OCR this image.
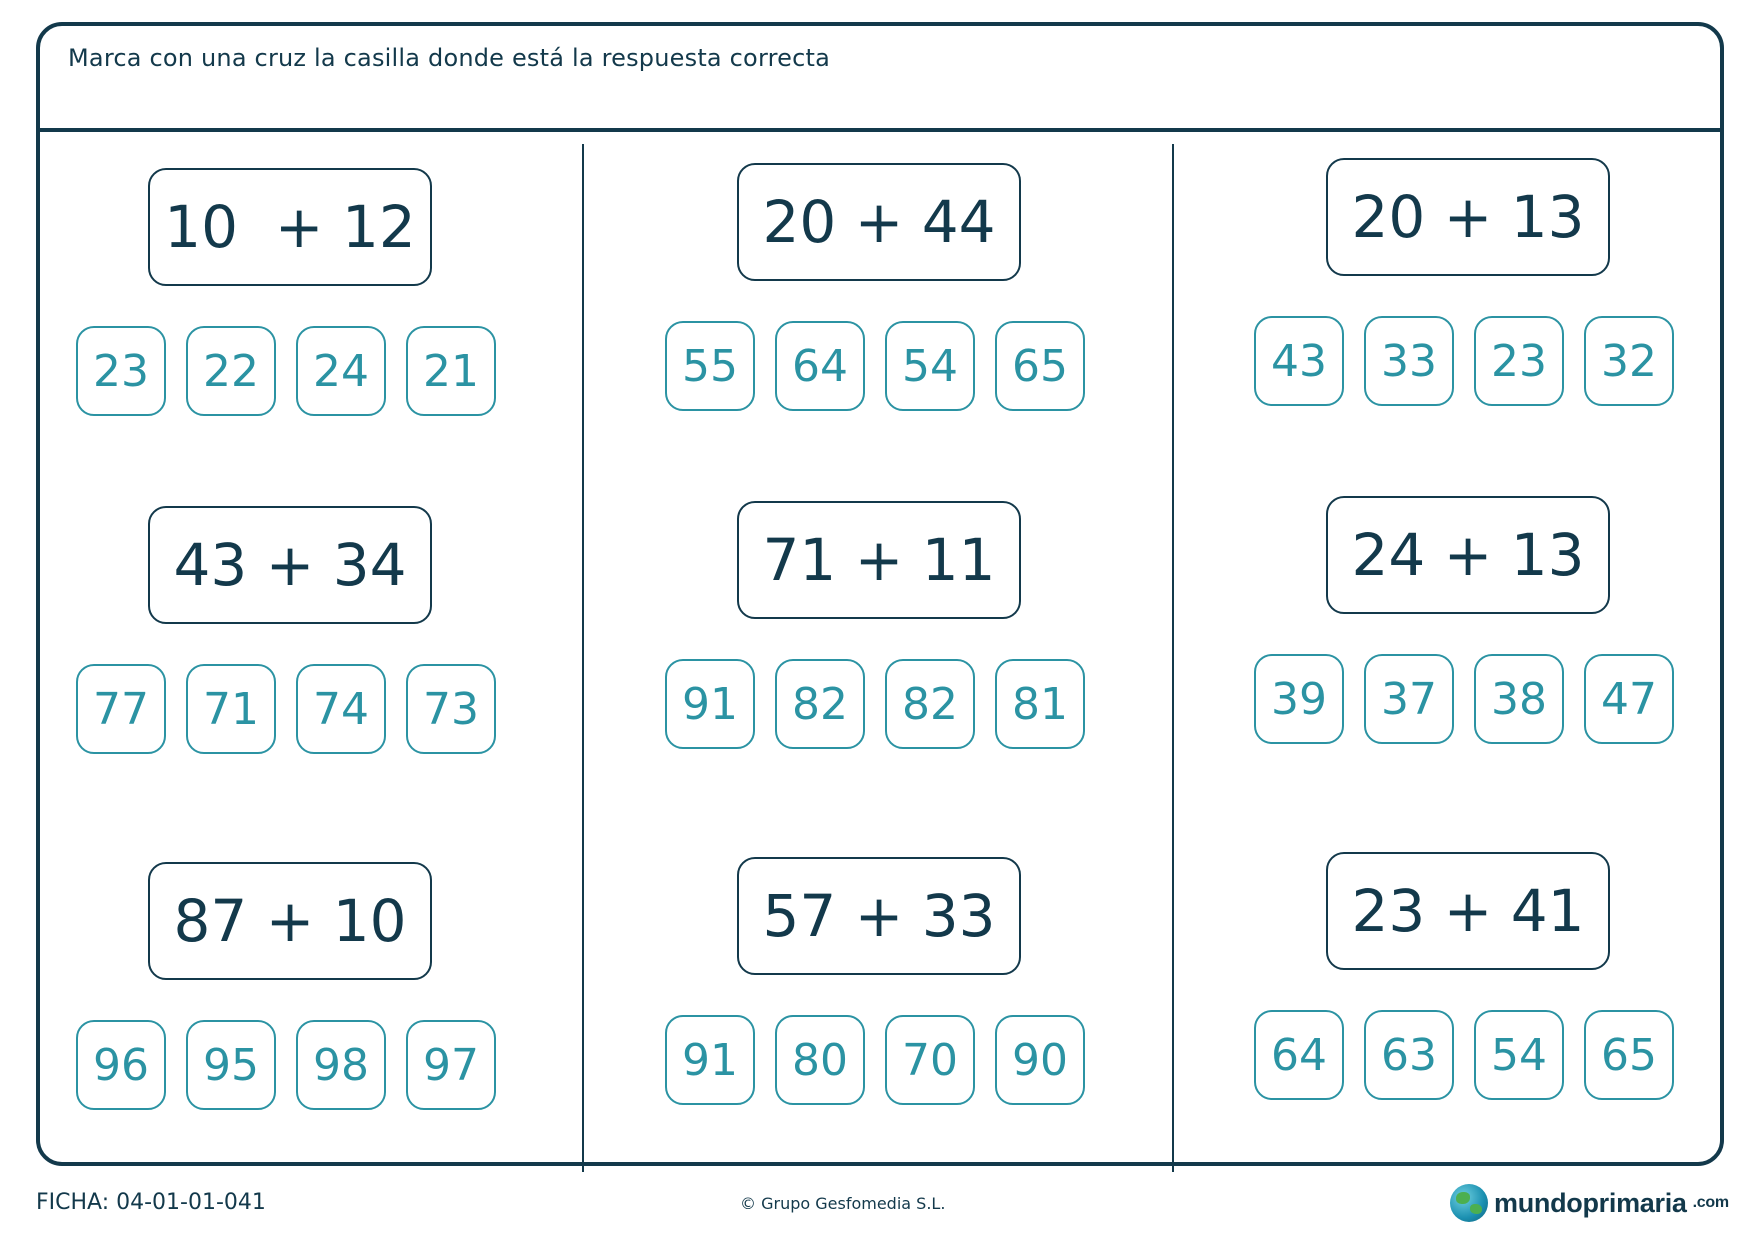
Marca con una cruz la casilla donde está la respuesta correcta
10  + 12
23	22	24	21
43 + 34
77	71	74	73
87 + 10
96	95	98	97
20 + 44
55	64	54	65
71 + 11
91	82	82	81
57 + 33
91	80	70	90
20 + 13
43	33	23	32
24 + 13
39	37	38	47
23 + 41
64	63	54	65
FICHA: 04-01-01-041	© Grupo Gesfomedia S.L.	mundoprimaria .com
